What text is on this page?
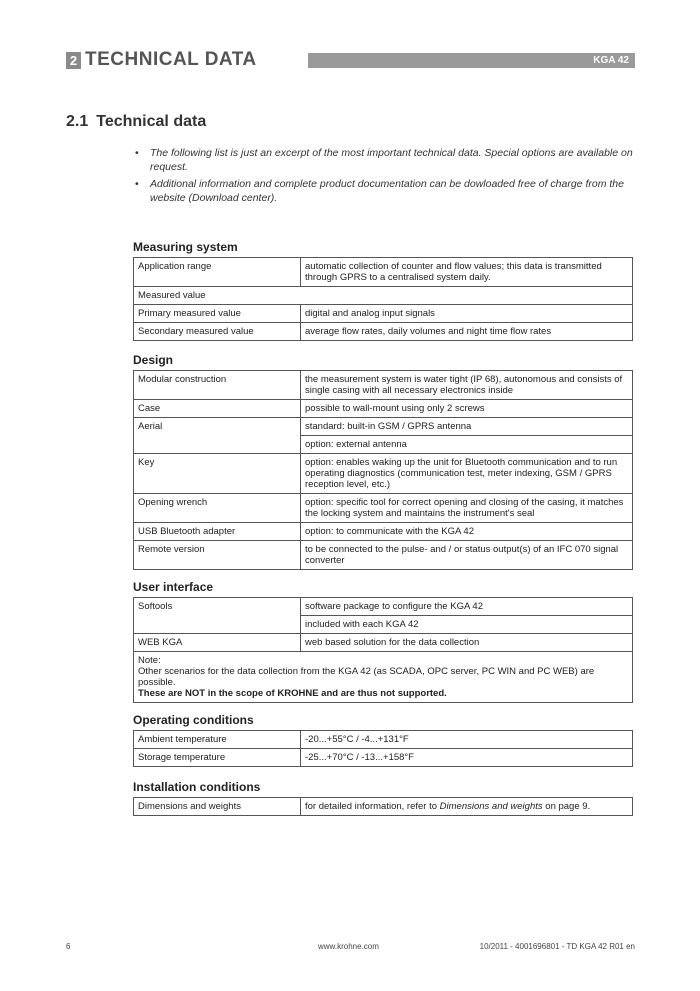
2 TECHNICAL DATA	KGA 42
2.1 Technical data
• The following list is just an excerpt of the most important technical data. Special options are available on request.
• Additional information and complete product documentation can be dowloaded free of charge from the website (Download center).
Measuring system
Application range	automatic collection of counter and flow values; this data is transmitted through GPRS to a centralised system daily.
Measured value	
Primary measured value	digital and analog input signals
Secondary measured value	average flow rates, daily volumes and night time flow rates
Design
Modular construction	the measurement system is water tight (IP 68), autonomous and consists of single casing with all necessary electronics inside
Case	possible to wall-mount using only 2 screws
Aerial	standard: built-in GSM / GPRS antenna
	option: external antenna
Key	option: enables waking up the unit for Bluetooth communication and to run operating diagnostics (communication test, meter indexing, GSM / GPRS reception level, etc.)
Opening wrench	option: specific tool for correct opening and closing of the casing, it matches the locking system and maintains the instrument's seal
USB Bluetooth adapter	option: to communicate with the KGA 42
Remote version	to be connected to the pulse- and / or status output(s) of an IFC 070 signal converter
User interface
Softools	software package to configure the KGA 42
	included with each KGA 42
WEB KGA	web based solution for the data collection

Note:
Other scenarios for the data collection from the KGA 42 (as SCADA, OPC server, PC WIN and PC WEB) are possible.
These are NOT in the scope of KROHNE and are thus not supported.	
Operating conditions
Ambient temperature	-20...+55°C / -4...+131°F
Storage temperature	-25...+70°C / -13...+158°F
Installation conditions
Dimensions and weights	for detailed information, refer to Dimensions and weights on page 9.
6	www.krohne.com	10/2011 - 4001696801 - TD KGA 42 R01 en
